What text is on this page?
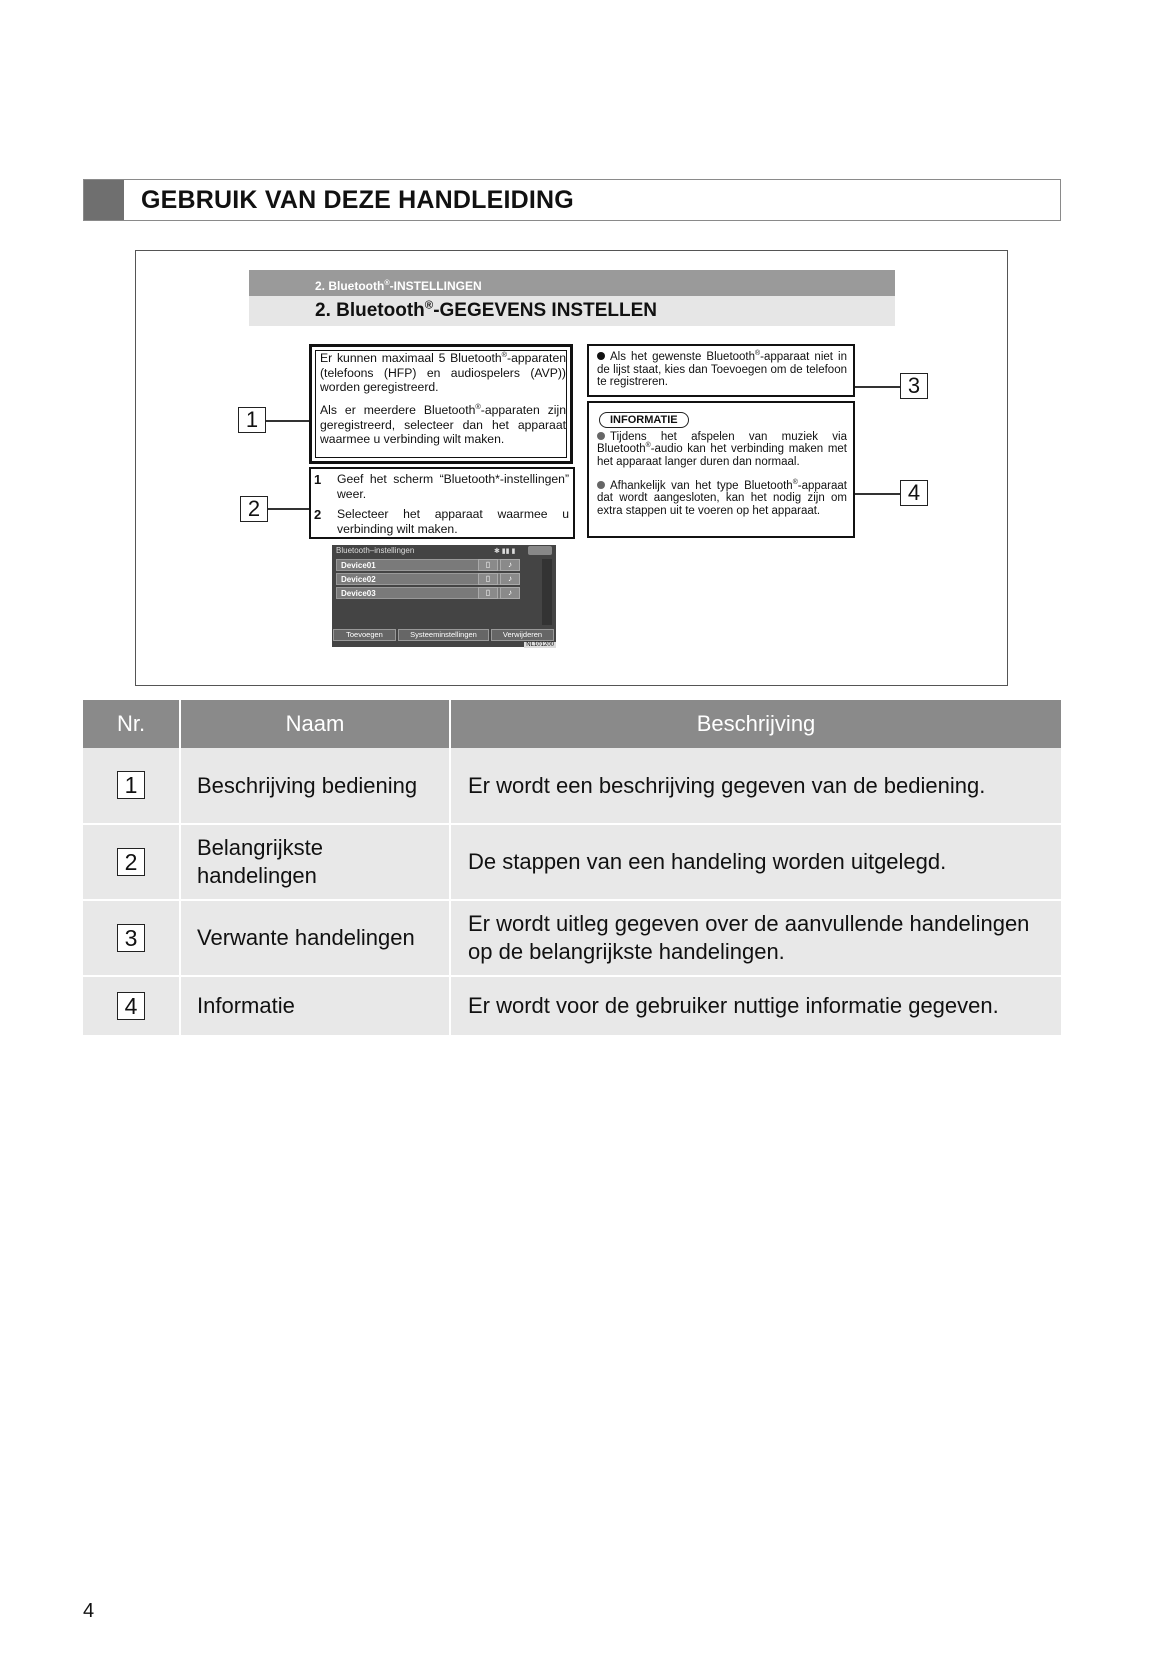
GEBRUIK VAN DEZE HANDLEIDING
2. Bluetooth®-INSTELLINGEN
2. Bluetooth®-GEGEVENS INSTELLEN
Er kunnen maximaal 5 Bluetooth®-apparaten (telefoons (HFP) en audiospelers (AVP)) worden geregistreerd.
Als er meerdere Bluetooth®-apparaten zijn geregistreerd, selecteer dan het apparaat waarmee u verbinding wilt maken.
1 Geef het scherm “Bluetooth*-instellingen” weer.
2 Selecteer het apparaat waarmee u verbinding wilt maken.
Als het gewenste Bluetooth®-apparaat niet in de lijst staat, kies dan Toevoegen om de telefoon te registreren.
INFORMATIE
Tijdens het afspelen van muziek via Bluetooth®-audio kan het verbinding maken met het apparaat langer duren dan normaal.
Afhankelijk van het type Bluetooth®-apparaat dat wordt aangesloten, kan het nodig zijn om extra stappen uit te voeren op het apparaat.
1
2
3
4
Bluetooth–instellingen	✱ ▮▮ ▮
Device01	▯	♪
Device02	▯	♪
Device03	▯	♪
Toevoegen	Systeeminstellingen	Verwijderen
NL101200
Nr.	Naam	Beschrijving
1	Beschrijving bediening	Er wordt een beschrijving gegeven van de bediening.
2	Belangrijkste handelingen	De stappen van een handeling worden uitgelegd.
3	Verwante handelingen	Er wordt uitleg gegeven over de aanvullende handelingen op de belangrijkste handelingen.
4	Informatie	Er wordt voor de gebruiker nuttige informatie gegeven.
4
